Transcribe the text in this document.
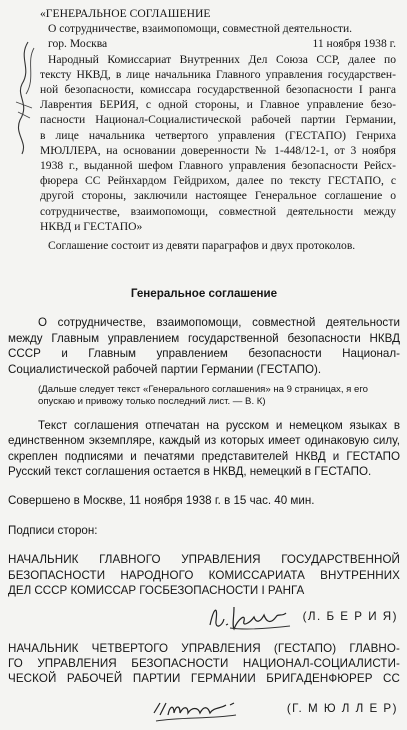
«ГЕНЕРАЛЬНОЕ СОГЛАШЕНИЕ

О сотрудничестве, взаимопомощи, совместной деятельности.

гор. Москва	11 ноября 1938 г.

Народный Комиссариат Внутренних Дел Союза ССР, далее по

тексту НКВД, в лице начальника Главного управления государствен-

ной безопасности, комиссара государственной безопасности I ранга

Лаврентия БЕРИЯ, с одной стороны, и Главное управление безо-

пасности Национал-Социалистической рабочей партии Германии,

в лице начальника четвертого управления (ГЕСТАПО) Генриха

МЮЛЛЕРА, на основании доверенности № 1-448/12-1, от 3 ноября

1938 г., выданной шефом Главного управления безопасности Рейсх-

фюрера СС Рейнхардом Гейдрихом, далее по тексту ГЕСТАПО, с

другой стороны, заключили настоящее Генеральное соглашение о

сотрудничестве, взаимопомощи, совместной деятельности между

НКВД и ГЕСТАПО»

Соглашение состоит из девяти параграфов и двух протоколов.

Генеральное соглашение

О сотрудничестве, взаимопомощи, совместной деятельности между Главным управлением государственной безопасности НКВД СССР и Главным управлением безопасности Национал-Социалистической рабочей партии Германии (ГЕСТАПО).

(Дальше следует текст «Генерального соглашения» на 9 страницах, я его опускаю и привожу только последний лист. — В. К)

Текст соглашения отпечатан на русском и немецком языках в единственном экземпляре, каждый из которых имеет одинаковую силу, скреплен подписями и печатями представителей НКВД и ГЕСТАПО Русский текст соглашения остается в НКВД, немецкий в ГЕСТАПО.

Совершено в Москве, 11 ноября 1938 г. в 15 час. 40 мин.

Подписи сторон:

НАЧАЛЬНИК ГЛАВНОГО УПРАВЛЕНИЯ ГОСУДАРСТВЕННОЙ

БЕЗОПАСНОСТИ НАРОДНОГО КОМИССАРИАТА ВНУТРЕННИХ

ДЕЛ СССР КОМИССАР ГОСБЕЗОПАСНОСТИ I РАНГА

(Л. Б Е Р И Я)

НАЧАЛЬНИК ЧЕТВЕРТОГО УПРАВЛЕНИЯ (ГЕСТАПО) ГЛАВНО-

ГО УПРАВЛЕНИЯ БЕЗОПАСНОСТИ НАЦИОНАЛ-СОЦИАЛИСТИ-

ЧЕСКОЙ РАБОЧЕЙ ПАРТИИ ГЕРМАНИИ БРИГАДЕНФЮРЕР СС

(Г. М Ю Л Л Е Р)
